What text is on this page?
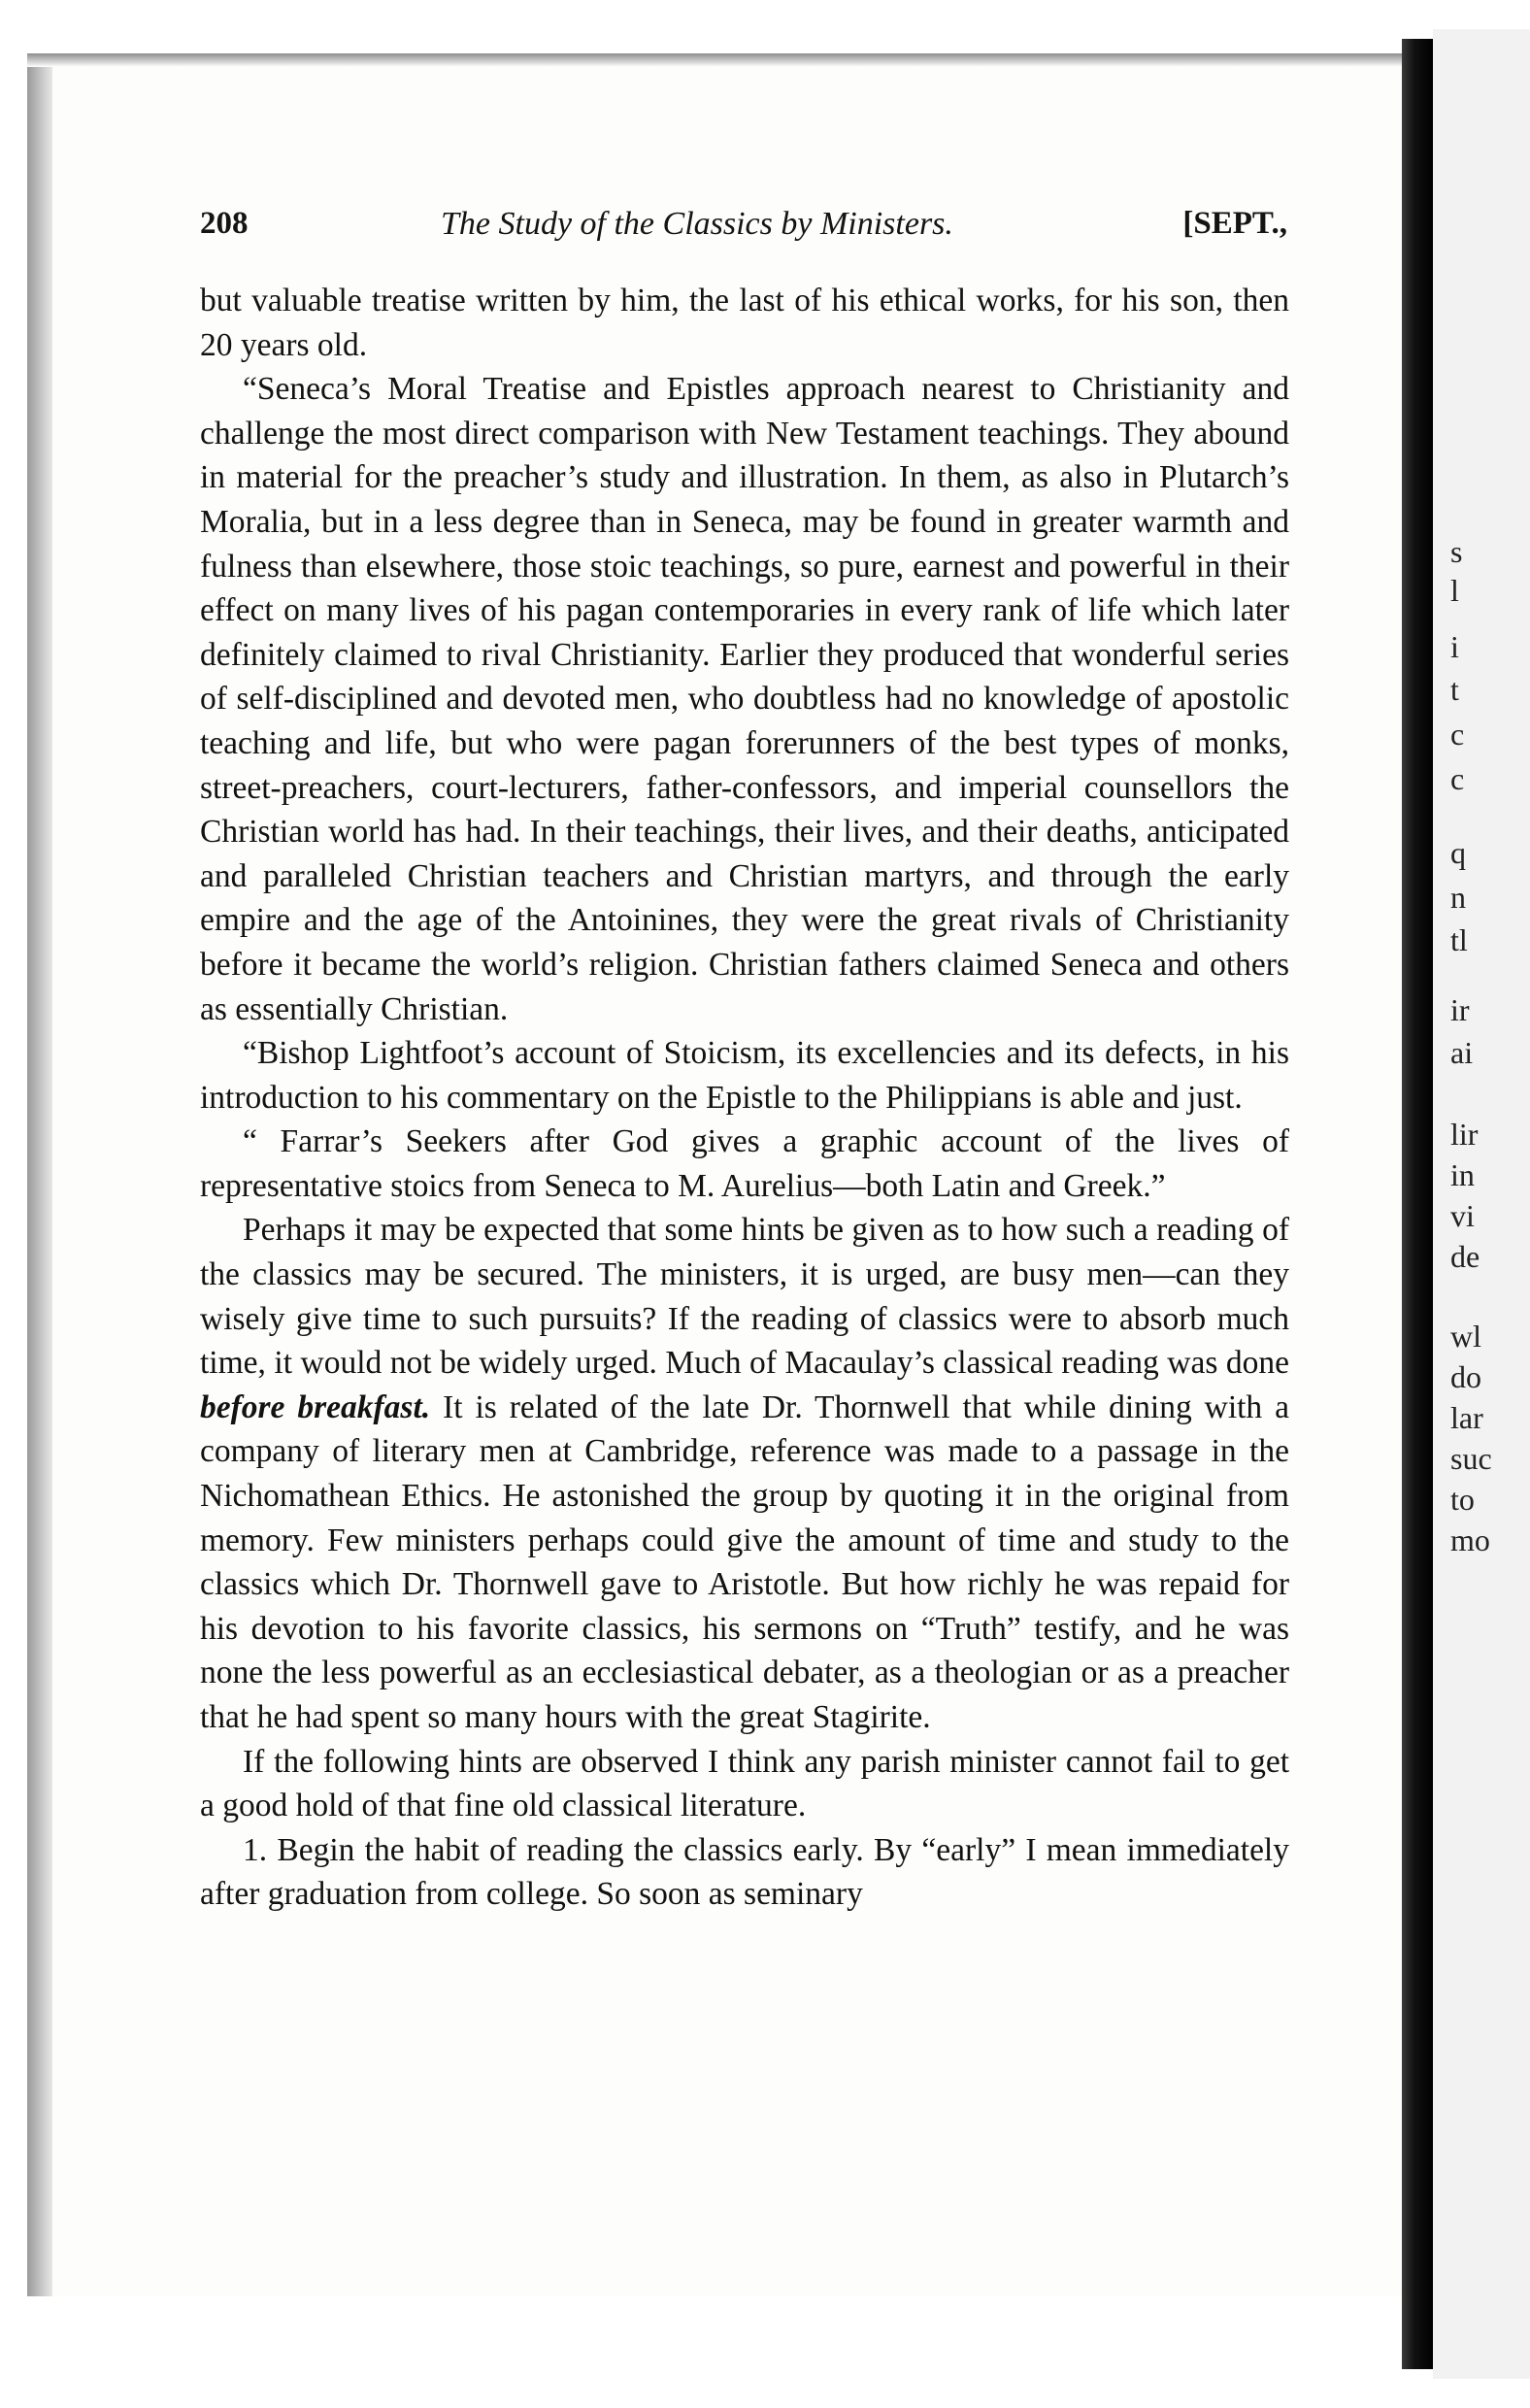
s
l
i
t
c
c
q
n
tl
ir
ai
lir
in
vi
de
wl
do
lar
suc
to
mo
208	The Study of the Classics by Ministers.	[SEPT.,

but valuable treatise written by him, the last of his ethical works, for his son, then 20 years old.

“Seneca’s Moral Treatise and Epistles approach nearest to Christianity and challenge the most direct comparison with New Testament teachings. They abound in material for the preacher’s study and illustration. In them, as also in Plutarch’s Moralia, but in a less degree than in Seneca, may be found in greater warmth and fulness than elsewhere, those stoic teachings, so pure, earnest and powerful in their effect on many lives of his pagan contemporaries in every rank of life which later definitely claimed to rival Christianity. Earlier they produced that wonderful series of self-disciplined and devoted men, who doubtless had no knowledge of apostolic teaching and life, but who were pagan forerunners of the best types of monks, street-preachers, court-lecturers, father-confessors, and imperial counsellors the Christian world has had. In their teachings, their lives, and their deaths, anticipated and paralleled Christian teachers and Christian martyrs, and through the early empire and the age of the Antoinines, they were the great rivals of Christianity before it became the world’s religion. Christian fathers claimed Seneca and others as essentially Christian.

“Bishop Lightfoot’s account of Stoicism, its excellencies and its defects, in his introduction to his commentary on the Epistle to the Philippians is able and just.

“ Farrar’s Seekers after God gives a graphic account of the lives of representative stoics from Seneca to M. Aurelius—both Latin and Greek.”

Perhaps it may be expected that some hints be given as to how such a reading of the classics may be secured. The ministers, it is urged, are busy men—can they wisely give time to such pursuits? If the reading of classics were to absorb much time, it would not be widely urged. Much of Macaulay’s classical reading was done before breakfast. It is related of the late Dr. Thornwell that while dining with a company of literary men at Cambridge, reference was made to a passage in the Nichomathean Ethics. He astonished the group by quoting it in the original from memory. Few ministers perhaps could give the amount of time and study to the classics which Dr. Thornwell gave to Aristotle. But how richly he was repaid for his devotion to his favorite classics, his sermons on “Truth” testify, and he was none the less powerful as an ecclesiastical debater, as a theologian or as a preacher that he had spent so many hours with the great Stagirite.

If the following hints are observed I think any parish minister cannot fail to get a good hold of that fine old classical literature.

1. Begin the habit of reading the classics early. By “early” I mean immediately after graduation from college. So soon as seminary
